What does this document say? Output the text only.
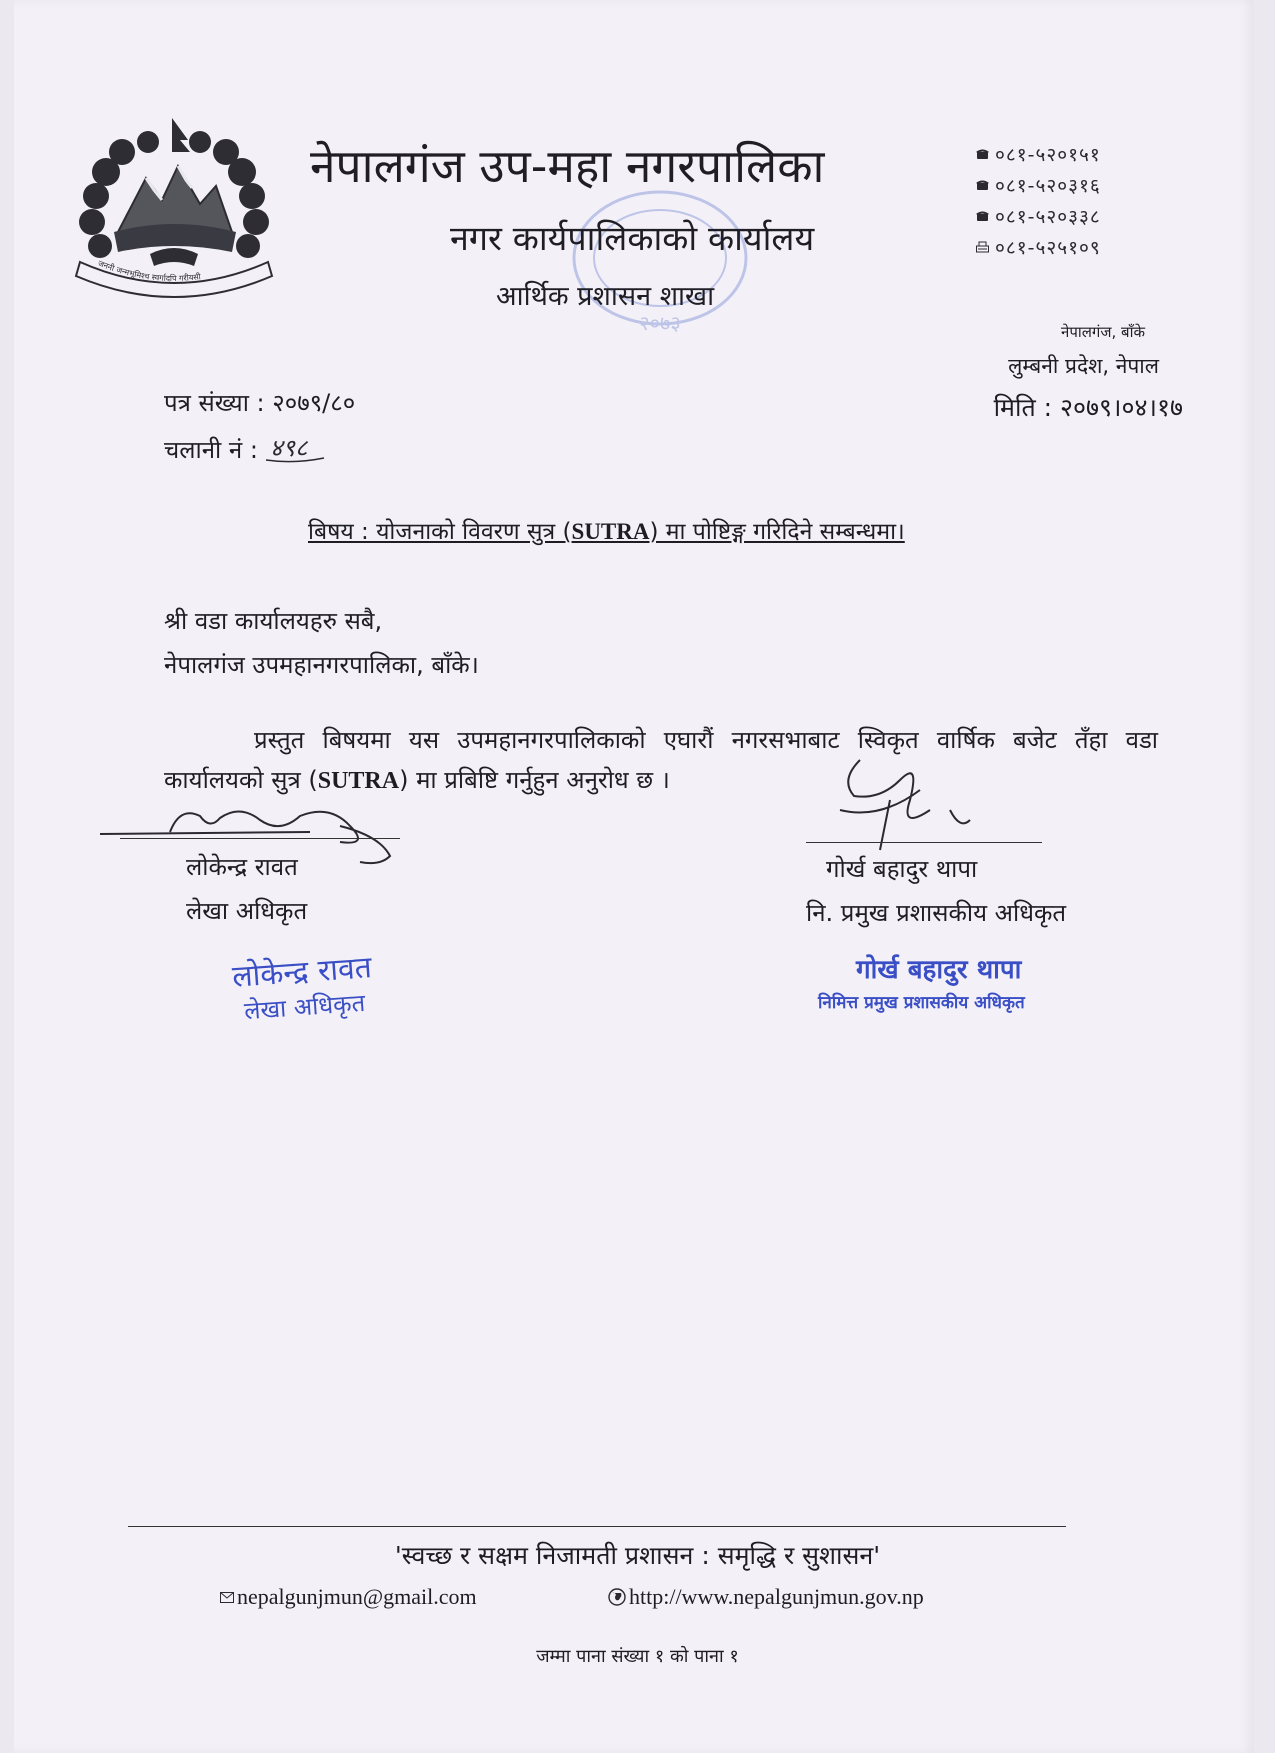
जननी जन्मभूमिश्च स्वर्गादपि गरीयसी
२०७३
नेपालगंज उप-महा नगरपालिका
नगर कार्यपालिकाको कार्यालय
आर्थिक प्रशासन शाखा
०८१-५२०१५१
०८१-५२०३१६
०८१-५२०३३८
०८१-५२५१०९
नेपालगंज, बाँके
लुम्बनी प्रदेश, नेपाल
मिति : २०७९।०४।१७
पत्र संख्या : २०७९/८०
चलानी नं : ४९८
बिषय : योजनाको विवरण सुत्र (SUTRA) मा पोष्टिङ्ग गरिदिने सम्बन्धमा।
श्री वडा कार्यालयहरु सबै,
नेपालगंज उपमहानगरपालिका, बाँके।
प्रस्तुत बिषयमा यस उपमहानगरपालिकाको एघारौं नगरसभाबाट स्विकृत वार्षिक बजेट तँहा वडा कार्यालयको सुत्र (SUTRA) मा प्रबिष्टि गर्नुहुन अनुरोध छ ।
लोकेन्द्र रावत
लेखा अधिकृत
गोर्ख बहादुर थापा
नि. प्रमुख प्रशासकीय अधिकृत
लोकेन्द्र रावत
लेखा अधिकृत
गोर्ख बहादुर थापा
निमित्त प्रमुख प्रशासकीय अधिकृत
'स्वच्छ र सक्षम निजामती प्रशासन : समृद्धि र सुशासन'
nepalgunjmun@gmail.com	http://www.nepalgunjmun.gov.np
जम्मा पाना संख्या १ को पाना १
